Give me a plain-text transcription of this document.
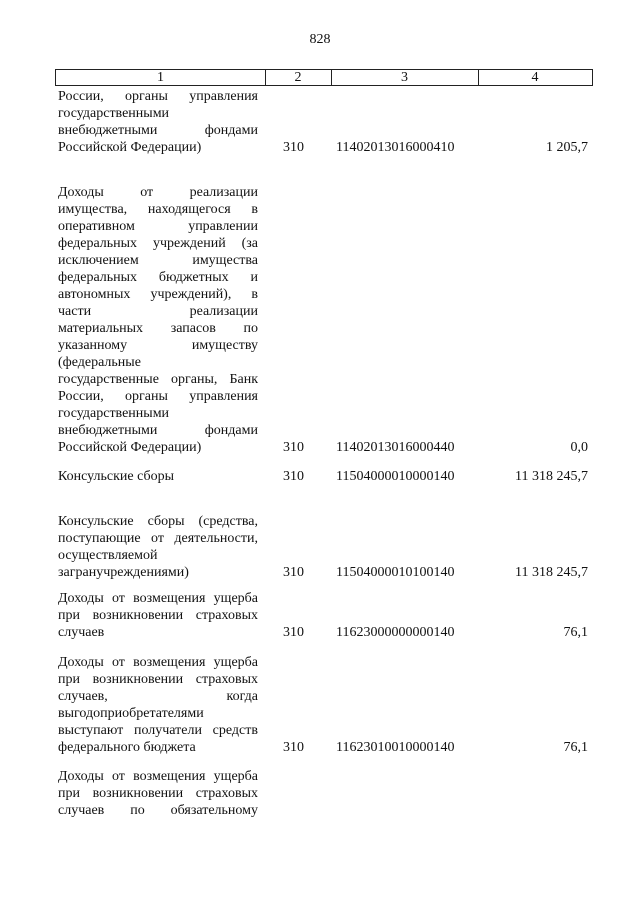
828
1	2	3	4
России, органы управления
государственными
внебюджетными фондами
Российской Федерации)	310	11402013016000410	1 205,7
Доходы от реализации
имущества, находящегося в
оперативном управлении
федеральных учреждений (за
исключением имущества
федеральных бюджетных и
автономных учреждений), в
части реализации
материальных запасов по
указанному имуществу
(федеральные
государственные органы, Банк
России, органы управления
государственными
внебюджетными фондами
Российской Федерации)	310	11402013016000440	0,0
Консульские сборы	310	11504000010000140	11 318 245,7
Консульские сборы (средства,
поступающие от деятельности,
осуществляемой
загранучреждениями)	310	11504000010100140	11 318 245,7
Доходы от возмещения ущерба
при возникновении страховых
случаев	310	11623000000000140	76,1
Доходы от возмещения ущерба
при возникновении страховых
случаев, когда
выгодоприобретателями
выступают получатели средств
федерального бюджета	310	11623010010000140	76,1
Доходы от возмещения ущерба
при возникновении страховых
случаев по обязательному
